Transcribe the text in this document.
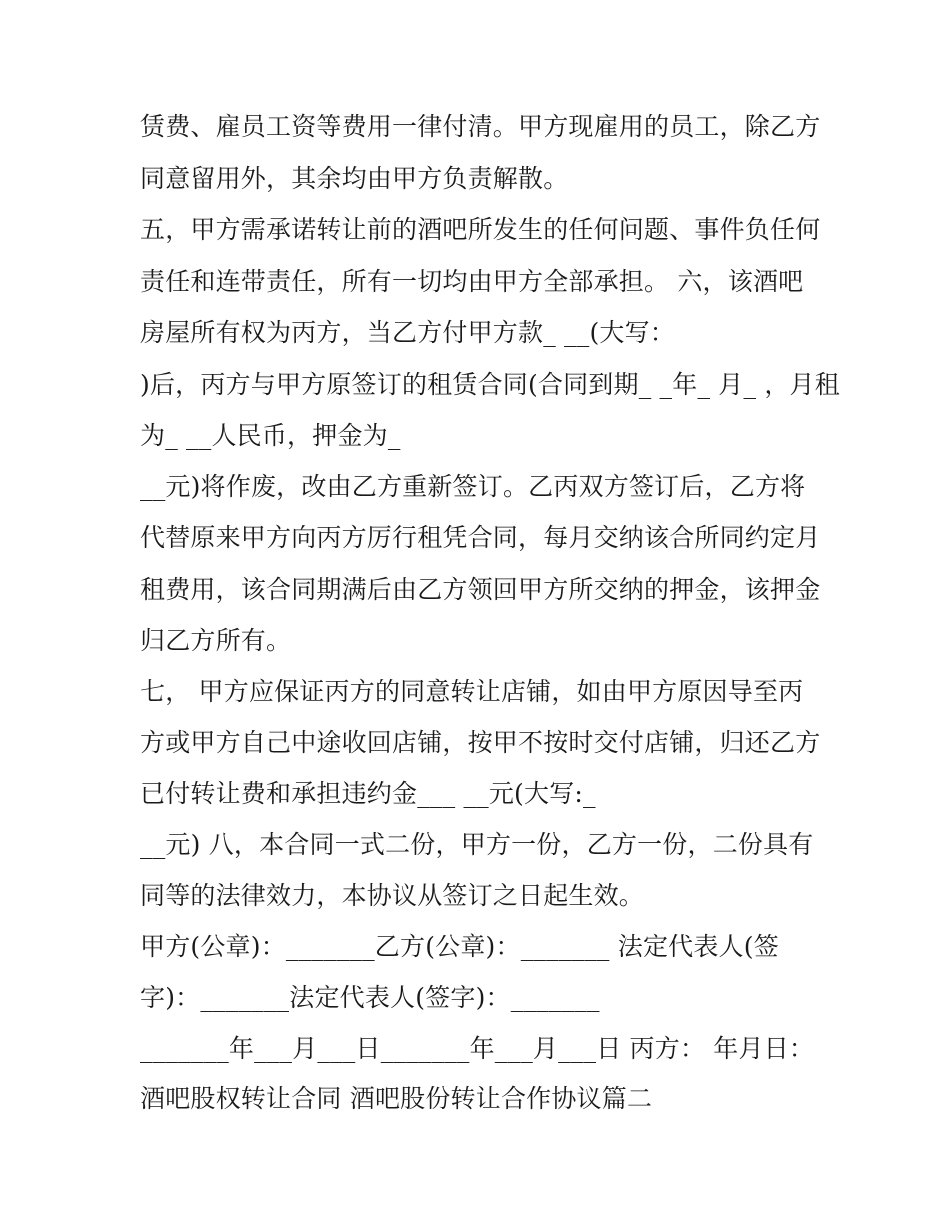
赁费、雇员工资等费用一律付清。甲方现雇用的员工，除乙方

同意留用外，其余均由甲方负责解散。

五，甲方需承诺转让前的酒吧所发生的任何问题、事件负任何

责任和连带责任，所有一切均由甲方全部承担。 六，该酒吧

房屋所有权为丙方，当乙方付甲方款_ __(大写：

)后，丙方与甲方原签订的租赁合同(合同到期_ _年_ 月_ ，月租

为_ __人民币，押金为_

__元)将作废，改由乙方重新签订。乙丙双方签订后，乙方将

代替原来甲方向丙方厉行租凭合同，每月交纳该合所同约定月

租费用，该合同期满后由乙方领回甲方所交纳的押金，该押金

归乙方所有。

七， 甲方应保证丙方的同意转让店铺，如由甲方原因导至丙

方或甲方自己中途收回店铺，按甲不按时交付店铺，归还乙方

已付转让费和承担违约金___ __元(大写:_

__元) 八，本合同一式二份，甲方一份，乙方一份，二份具有

同等的法律效力，本协议从签订之日起生效。

甲方(公章)：_______乙方(公章)：_______ 法定代表人(签

字)：_______法定代表人(签字)：_______

_______年___月___日_______年___月___日 丙方： 年月日：

酒吧股权转让合同 酒吧股份转让合作协议篇二
